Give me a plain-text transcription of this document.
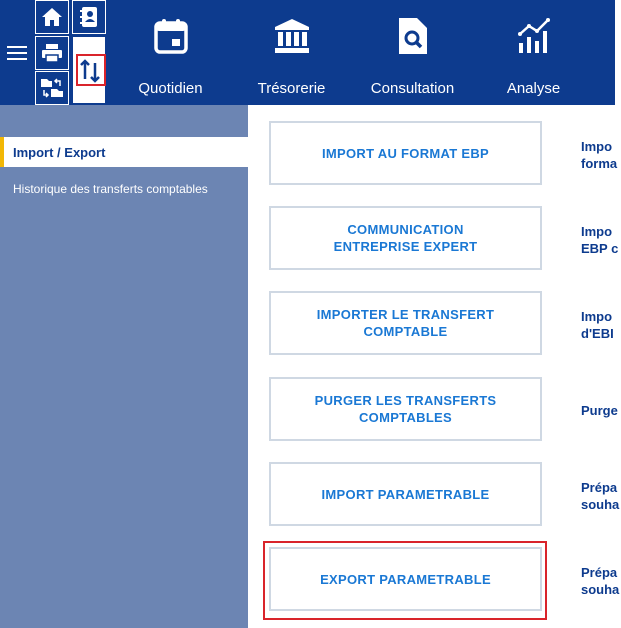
Quotidien	Trésorerie	Consultation	Analyse
Import / Export
Historique des transferts comptables
IMPORT AU FORMAT EBP	Impo
forma
COMMUNICATION ENTREPRISE EXPERT
Impo
EBP c
IMPORTER LE TRANSFERT COMPTABLE
Impo
d'EBI
PURGER LES TRANSFERTS COMPTABLES	Purge
IMPORT PARAMETRABLE	Prépa
souha
EXPORT PARAMETRABLE	Prépa
souha
